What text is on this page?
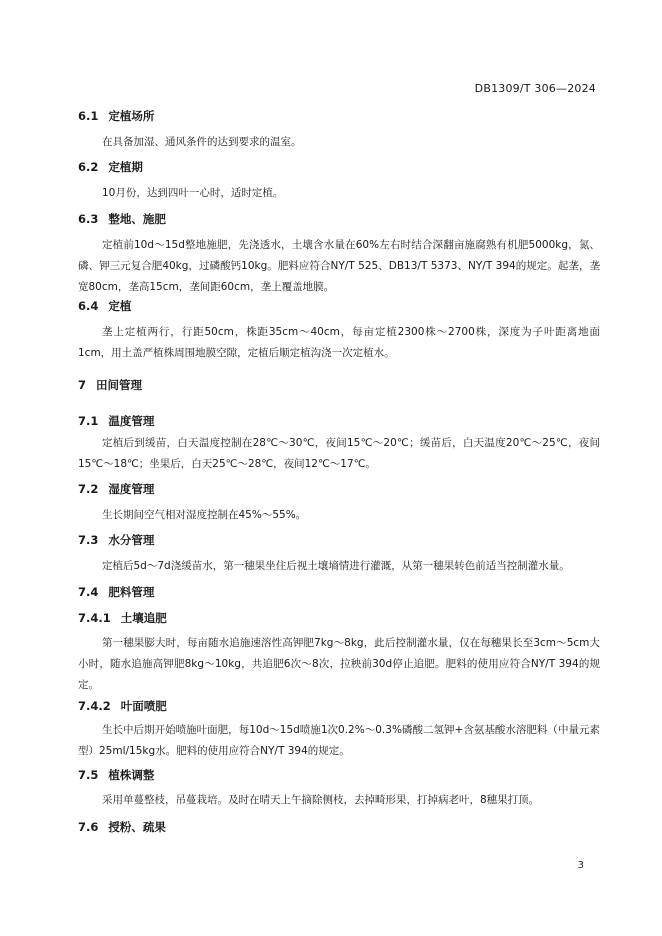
DB1309/T 306—2024
6.1 定植场所
在具备加湿、通风条件的达到要求的温室。
6.2 定植期
10月份，达到四叶一心时，适时定植。
6.3 整地、施肥
定植前10d～15d整地施肥，先浇透水，土壤含水量在60%左右时结合深翻亩施腐熟有机肥5000kg，氮、磷、钾三元复合肥40kg，过磷酸钙10kg。肥料应符合NY/T 525、DB13/T 5373、NY/T 394的规定。起垄，垄宽80cm，垄高15cm，垄间距60cm，垄上覆盖地膜。
6.4 定植
垄上定植两行，行距50cm，株距35cm～40cm，每亩定植2300株～2700株，深度为子叶距离地面1cm，用土盖严植株周围地膜空隙，定植后顺定植沟浇一次定植水。
7 田间管理
7.1 温度管理
定植后到缓苗，白天温度控制在28℃～30℃，夜间15℃～20℃；缓苗后，白天温度20℃～25℃，夜间15℃～18℃；坐果后，白天25℃～28℃，夜间12℃～17℃。
7.2 湿度管理
生长期间空气相对湿度控制在45%～55%。
7.3 水分管理
定植后5d～7d浇缓苗水，第一穗果坐住后视土壤墒情进行灌溉，从第一穗果转色前适当控制灌水量。
7.4 肥料管理
7.4.1 土壤追肥
第一穗果膨大时，每亩随水追施速溶性高钾肥7kg～8kg，此后控制灌水量，仅在每穗果长至3cm～5cm大小时，随水追施高钾肥8kg～10kg，共追肥6次～8次，拉秧前30d停止追肥。肥料的使用应符合NY/T 394的规定。
7.4.2 叶面喷肥
生长中后期开始喷施叶面肥，每10d～15d喷施1次0.2%～0.3%磷酸二氢钾+含氨基酸水溶肥料（中量元素型）25ml/15kg水。肥料的使用应符合NY/T 394的规定。
7.5 植株调整
采用单蔓整枝，吊蔓栽培。及时在晴天上午摘除侧枝，去掉畸形果，打掉病老叶，8穗果打顶。
7.6 授粉、疏果
3
